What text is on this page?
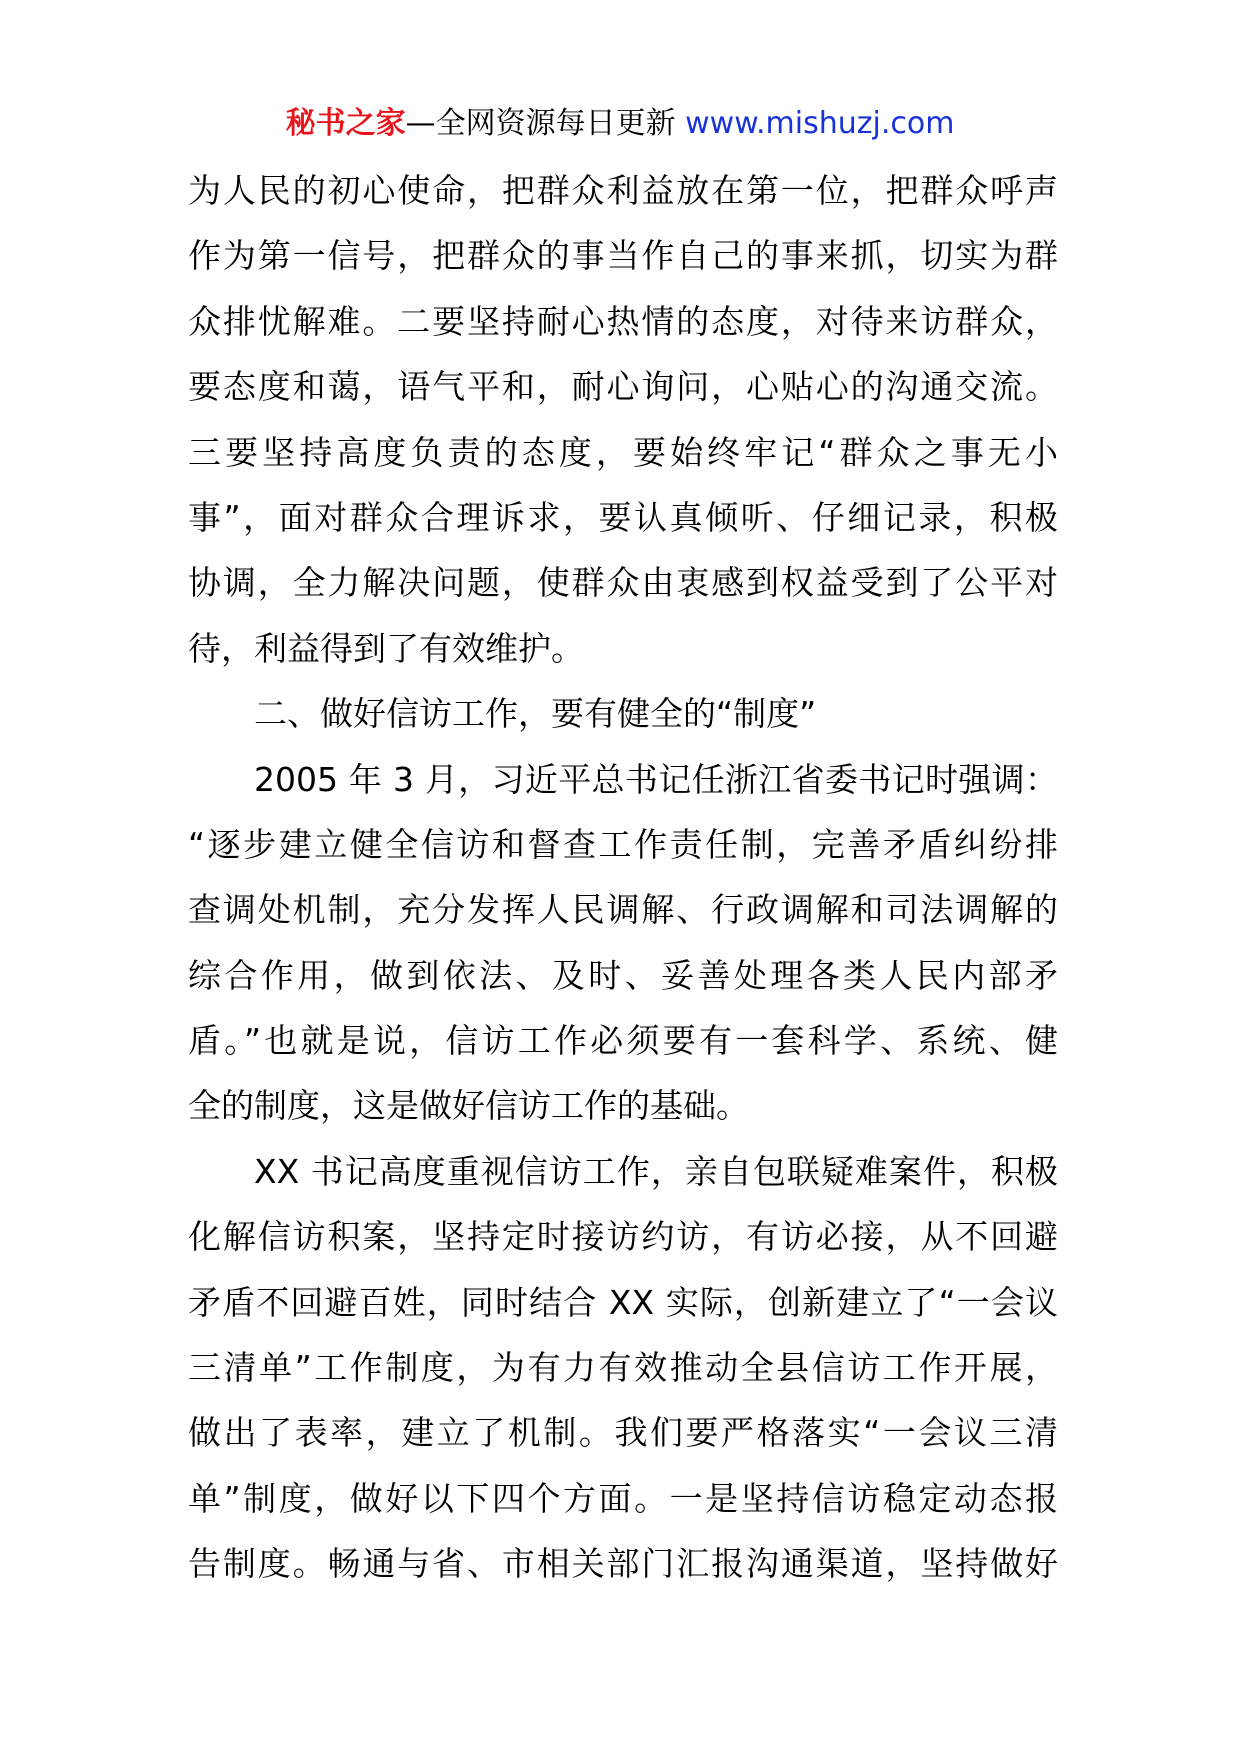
秘书之家—全网资源每日更新 www.mishuzj.com
为人民的初心使命，把群众利益放在第一位，把群众呼声
作为第一信号，把群众的事当作自己的事来抓，切实为群
众排忧解难。二要坚持耐心热情的态度，对待来访群众，
要态度和蔼，语气平和，耐心询问，心贴心的沟通交流。
三要坚持高度负责的态度，要始终牢记“群众之事无小
事”，面对群众合理诉求，要认真倾听、仔细记录，积极
协调，全力解决问题，使群众由衷感到权益受到了公平对
待，利益得到了有效维护。
二、做好信访工作，要有健全的“制度”
2005 年 3 月，习近平总书记任浙江省委书记时强调：
“逐步建立健全信访和督查工作责任制，完善矛盾纠纷排
查调处机制，充分发挥人民调解、行政调解和司法调解的
综合作用，做到依法、及时、妥善处理各类人民内部矛
盾。”也就是说，信访工作必须要有一套科学、系统、健
全的制度，这是做好信访工作的基础。
XX 书记高度重视信访工作，亲自包联疑难案件，积极
化解信访积案，坚持定时接访约访，有访必接，从不回避
矛盾不回避百姓，同时结合 XX 实际，创新建立了“一会议
三清单”工作制度，为有力有效推动全县信访工作开展，
做出了表率，建立了机制。我们要严格落实“一会议三清
单”制度，做好以下四个方面。一是坚持信访稳定动态报
告制度。畅通与省、市相关部门汇报沟通渠道，坚持做好
